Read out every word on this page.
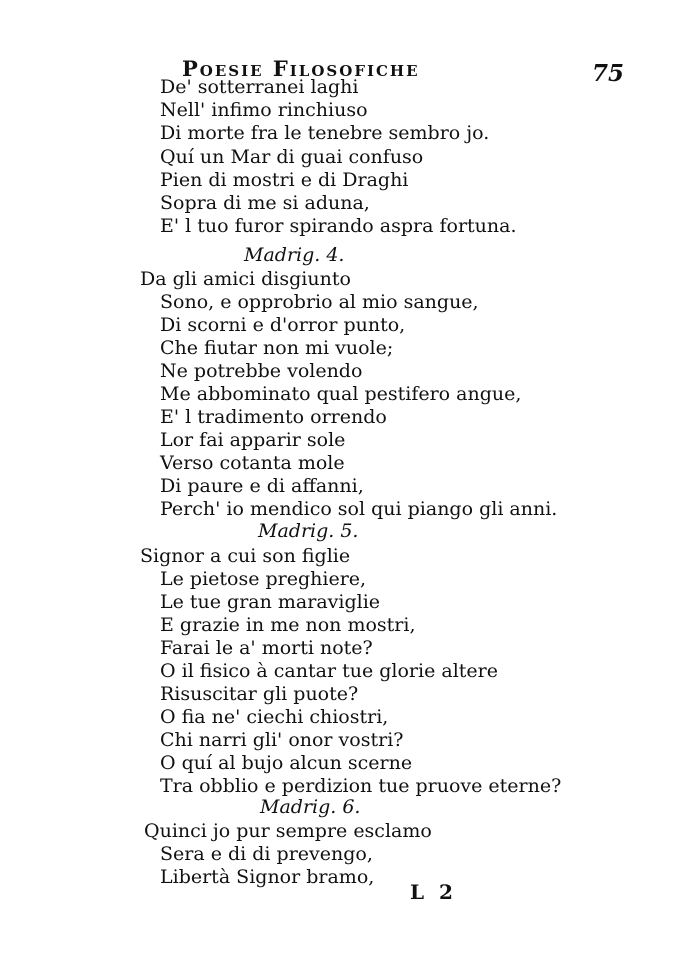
Poesie Filosofiche	75
De' sotterranei laghi
Nell' infimo rinchiuso
Di morte fra le tenebre sembro jo.
Quí un Mar di guai confuso
Pien di mostri e di Draghi
Sopra di me si aduna,
E' l tuo furor spirando aspra fortuna.
Madrig. 4.
Da gli amici disgiunto
Sono, e opprobrio al mio sangue,
Di scorni e d'orror punto,
Che fiutar non mi vuole;
Ne potrebbe volendo
Me abbominato qual pestifero angue,
E' l tradimento orrendo
Lor fai apparir sole
Verso cotanta mole
Di paure e di affanni,
Perch' io mendico sol qui piango gli anni.
Madrig. 5.
Signor a cui son figlie
Le pietose preghiere,
Le tue gran maraviglie
E grazie in me non mostri,
Farai le a' morti note?
O il fisico à cantar tue glorie altere
Risuscitar gli puote?
O fia ne' ciechi chiostri,
Chi narri gli' onor vostri?
O quí al bujo alcun scerne
Tra obblio e perdizion tue pruove eterne?
Madrig. 6.
Quinci jo pur sempre esclamo
Sera e di di prevengo,
Libertà Signor bramo,
L 2
